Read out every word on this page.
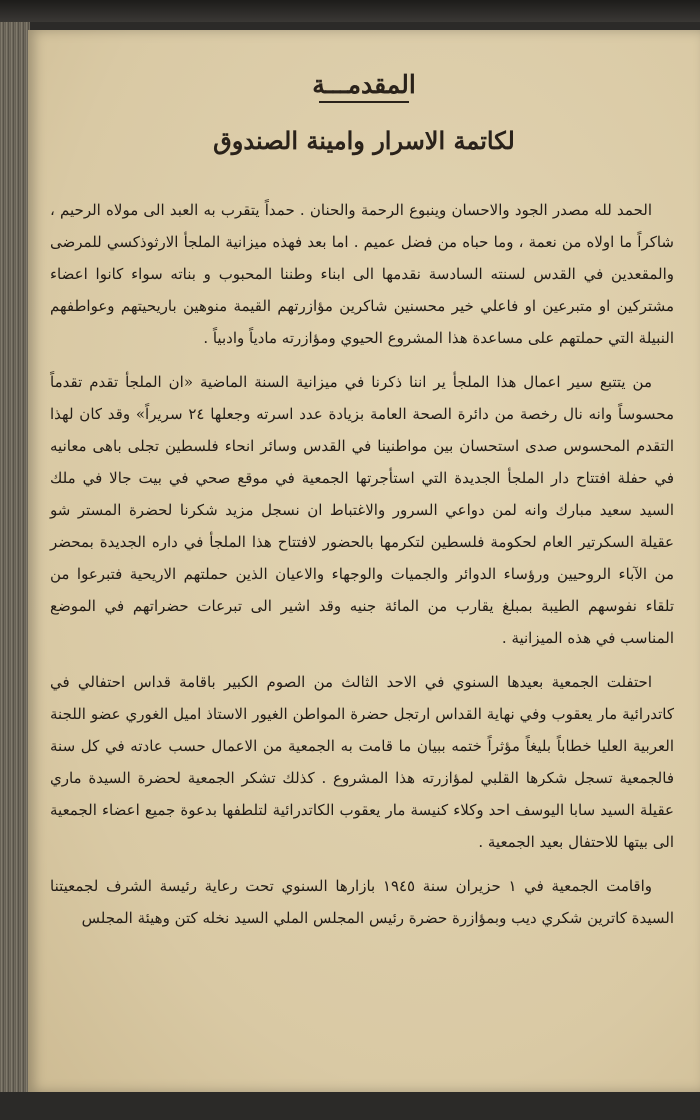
المقدمـــة
لكاتمة الاسرار وامينة الصندوق

الحمد لله مصدر الجود والاحسان وينبوع الرحمة والحنان . حمداً يتقرب به العبد الى مولاه الرحيم ، شاكراً ما اولاه من نعمة ، وما حباه من فضل عميم . اما بعد فهذه ميزانية الملجأ الارثوذكسي للمرضى والمقعدين في القدس لسنته السادسة نقدمها الى ابناء وطننا المحبوب و بناته سواء كانوا اعضاء مشتركين او متبرعين او فاعلي خير محسنين شاكرين مؤازرتهم القيمة منوهين باريحيتهم وعواطفهم النبيلة التي حملتهم على مساعدة هذا المشروع الحيوي ومؤازرته مادياً وادبياً .

من يتتبع سير اعمال هذا الملجأ ير اننا ذكرنا في ميزانية السنة الماضية «ان الملجأ تقدم تقدماً محسوساً وانه نال رخصة من دائرة الصحة العامة بزيادة عدد اسرته وجعلها ٢٤ سريراً» وقد كان لهذا التقدم المحسوس صدى استحسان بين مواطنينا في القدس وسائر انحاء فلسطين تجلى باهى معانيه في حفلة افتتاح دار الملجأ الجديدة التي استأجرتها الجمعية في موقع صحي في بيت جالا في ملك السيد سعيد مبارك وانه لمن دواعي السرور والاغتباط ان نسجل مزيد شكرنا لحضرة المستر شو عقيلة السكرتير العام لحكومة فلسطين لتكرمها بالحضور لافتتاح هذا الملجأ في داره الجديدة بمحضر من الآباء الروحيين ورؤساء الدوائر والجميات والوجهاء والاعيان الذين حملتهم الاريحية فتبرعوا من تلقاء نفوسهم الطيبة بمبلغ يقارب من المائة جنيه وقد اشير الى تبرعات حضراتهم في الموضع المناسب في هذه الميزانية .

احتفلت الجمعية بعيدها السنوي في الاحد الثالث من الصوم الكبير باقامة قداس احتفالي في كاتدرائية مار يعقوب وفي نهاية القداس ارتجل حضرة المواطن الغيور الاستاذ اميل الغوري عضو اللجنة العربية العليا خطاباً بليغاً مؤثراً ختمه ببيان ما قامت به الجمعية من الاعمال حسب عادته في كل سنة فالجمعية تسجل شكرها القلبي لمؤازرته هذا المشروع . كذلك تشكر الجمعية لحضرة السيدة ماري عقيلة السيد سابا اليوسف احد وكلاء كنيسة مار يعقوب الكاتدرائية لتلطفها بدعوة جميع اعضاء الجمعية الى بيتها للاحتفال بعيد الجمعية .

واقامت الجمعية في ١ حزيران سنة ١٩٤٥ بازارها السنوي تحت رعاية رئيسة الشرف لجمعيتنا السيدة كاترين شكري ديب وبمؤازرة حضرة رئيس المجلس الملي السيد نخله كتن وهيئة المجلس
